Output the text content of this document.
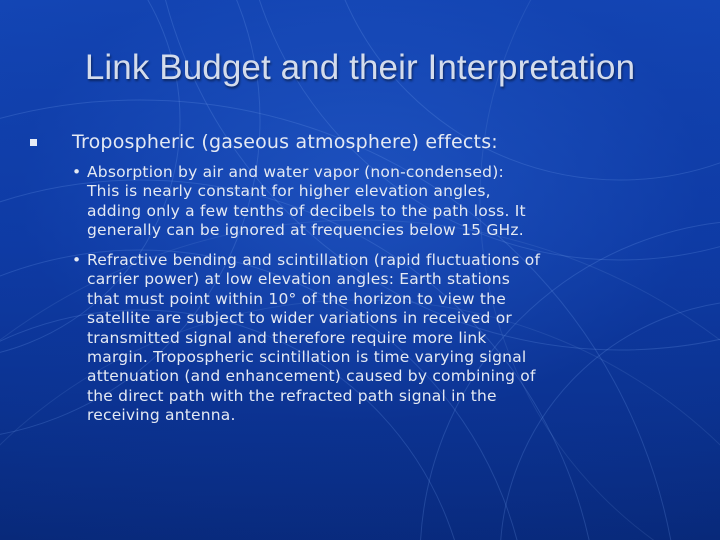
Link Budget and their Interpretation
Tropospheric (gaseous atmosphere) effects:
• Absorption by air and water vapor (non-condensed):
This is nearly constant for higher elevation angles,
adding only a few tenths of decibels to the path loss. It
generally can be ignored at frequencies below 15 GHz.
• Refractive bending and scintillation (rapid fluctuations of
carrier power) at low elevation angles: Earth stations
that must point within 10° of the horizon to view the
satellite are subject to wider variations in received or
transmitted signal and therefore require more link
margin. Tropospheric scintillation is time varying signal
attenuation (and enhancement) caused by combining of
the direct path with the refracted path signal in the
receiving antenna.
